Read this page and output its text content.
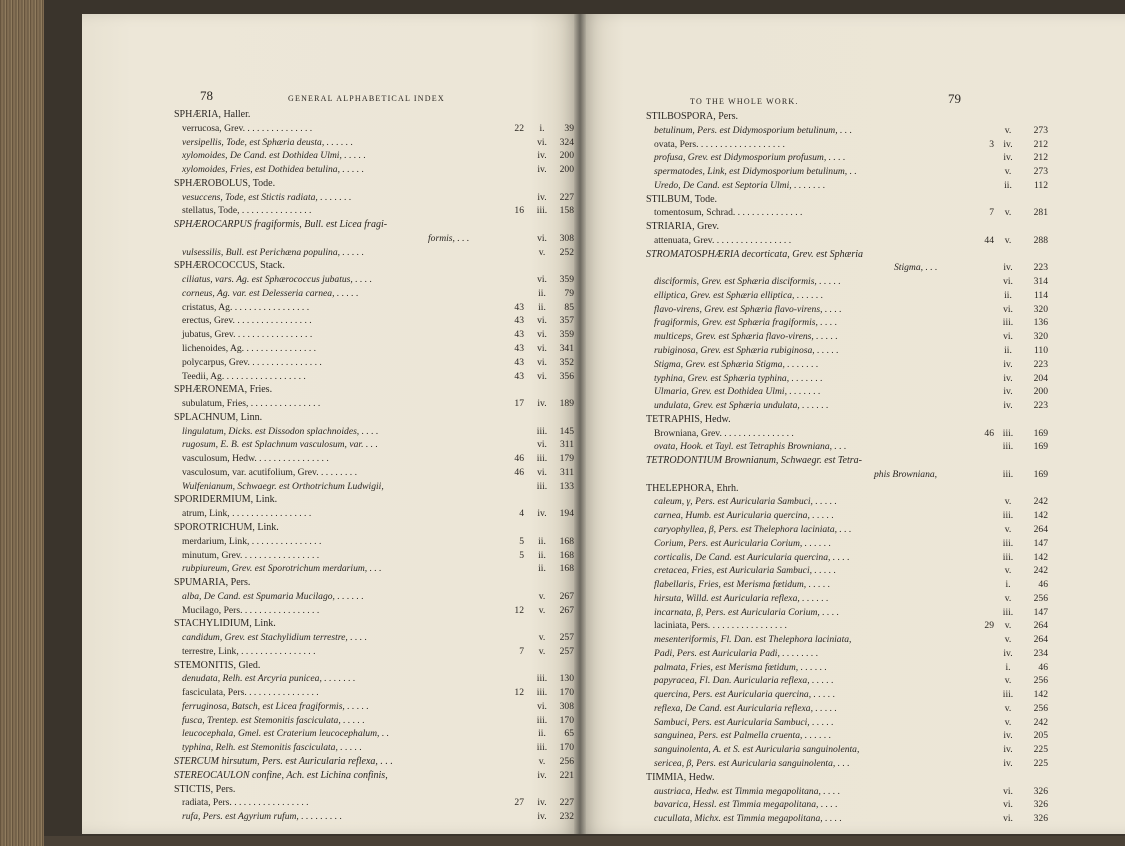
78	GENERAL ALPHABETICAL INDEX
SPHÆRIA, Haller.
verrucosa, Grev. . . . . . . . . . . . . . .	22	i.	39
versipellis, Tode, est Sphæria deusta, . . . . . .	vi.	324
xylomoides, De Cand. est Dothidea Ulmi, . . . . .	iv.	200
xylomoides, Fries, est Dothidea betulina, . . . . .	iv.	200
SPHÆROBOLUS, Tode.
vesuccens, Tode, est Stictis radiata, . . . . . . .	iv.	227
stellatus, Tode, . . . . . . . . . . . . . . .	16	iii.	158
SPHÆROCARPUS fragiformis, Bull. est Licea fragi-
formis, . . .	vi.	308
vulsessilis, Bull. est Perichæna populina, . . . . .	v.	252
SPHÆROCOCCUS, Stack.
ciliatus, vars. Ag. est Sphærococcus jubatus, . . . .	vi.	359
corneus, Ag. var. est Delesseria carnea, . . . . .	ii.	79
cristatus, Ag. . . . . . . . . . . . . . . . .	43	ii.	85
erectus, Grev. . . . . . . . . . . . . . . . .	43	vi.	357
jubatus, Grev. . . . . . . . . . . . . . . . .	43	vi.	359
lichenoides, Ag. . . . . . . . . . . . . . . .	43	vi.	341
polycarpus, Grev. . . . . . . . . . . . . . . .	43	vi.	352
Teedii, Ag. . . . . . . . . . . . . . . . . .	43	vi.	356
SPHÆRONEMA, Fries.
subulatum, Fries, . . . . . . . . . . . . . . .	17	iv.	189
SPLACHNUM, Linn.
lingulatum, Dicks. est Dissodon splachnoides, . . . .	iii.	145
rugosum, E. B. est Splachnum vasculosum, var. . . .	vi.	311
vasculosum, Hedw. . . . . . . . . . . . . . . .	46	iii.	179
vasculosum, var. acutifolium, Grev. . . . . . . . .	46	vi.	311
Wulfenianum, Schwaegr. est Orthotrichum Ludwigii,	iii.	133
SPORIDERMIUM, Link.
atrum, Link, . . . . . . . . . . . . . . . . .	4	iv.	194
SPOROTRICHUM, Link.
merdarium, Link, . . . . . . . . . . . . . . .	5	ii.	168
minutum, Grev. . . . . . . . . . . . . . . . .	5	ii.	168
rubpiureum, Grev. est Sporotrichum merdarium, . . .	ii.	168
SPUMARIA, Pers.
alba, De Cand. est Spumaria Mucilago, . . . . . .	v.	267
Mucilago, Pers. . . . . . . . . . . . . . . . .	12	v.	267
STACHYLIDIUM, Link.
candidum, Grev. est Stachylidium terrestre, . . . .	v.	257
terrestre, Link, . . . . . . . . . . . . . . . .	7	v.	257
STEMONITIS, Gled.
denudata, Relh. est Arcyria punicea, . . . . . . .	iii.	130
fasciculata, Pers. . . . . . . . . . . . . . . .	12	iii.	170
ferruginosa, Batsch, est Licea fragiformis, . . . . .	vi.	308
fusca, Trentep. est Stemonitis fasciculata, . . . . .	iii.	170
leucocephala, Gmel. est Craterium leucocephalum, . .	ii.	65
typhina, Relh. est Stemonitis fasciculata, . . . . .	iii.	170
STERCUM hirsutum, Pers. est Auricularia reflexa, . . .	v.	256
STEREOCAULON confine, Ach. est Lichina confinis,	iv.	221
STICTIS, Pers.
radiata, Pers. . . . . . . . . . . . . . . . .	27	iv.	227
rufa, Pers. est Agyrium rufum, . . . . . . . . .	iv.	232
TO THE WHOLE WORK.	79
STILBOSPORA, Pers.
betulinum, Pers. est Didymosporium betulinum, . . .	v.	273
ovata, Pers. . . . . . . . . . . . . . . . . . .	3 iv.	212
profusa, Grev. est Didymosporium profusum, . . . .	iv.	212
spermatodes, Link, est Didymosporium betulinum, . .	v.	273
Uredo, De Cand. est Septoria Ulmi, . . . . . . .	ii.	112
STILBUM, Tode.
tomentosum, Schrad. . . . . . . . . . . . . . .	7	v.	281
STRIARIA, Grev.
attenuata, Grev. . . . . . . . . . . . . . . . .	44	v.	288
STROMATOSPHÆRIA decorticata, Grev. est Sphæria
Stigma, . . .	iv.	223
disciformis, Grev. est Sphæria disciformis, . . . . .	vi.	314
elliptica, Grev. est Sphæria elliptica, . . . . . .	ii.	114
flavo-virens, Grev. est Sphæria flavo-virens, . . . .	vi.	320
fragiformis, Grev. est Sphæria fragiformis, . . . .	iii.	136
multiceps, Grev. est Sphæria flavo-virens, . . . . .	vi.	320
rubiginosa, Grev. est Sphæria rubiginosa, . . . . .	ii.	110
Stigma, Grev. est Sphæria Stigma, . . . . . . .	iv.	223
typhina, Grev. est Sphæria typhina, . . . . . . .	iv.	204
Ulmaria, Grev. est Dothidea Ulmi, . . . . . . .	iv.	200
undulata, Grev. est Sphæria undulata, . . . . . .	iv.	223
TETRAPHIS, Hedw.
Browniana, Grev. . . . . . . . . . . . . . . .	46 iii.	169
ovata, Hook. et Tayl. est Tetraphis Browniana, . . .	iii.	169
TETRODONTIUM Brownianum, Schwaegr. est Tetra-
phis Browniana,	iii.	169
THELEPHORA, Ehrh.
caleum, γ, Pers. est Auricularia Sambuci, . . . . .	v.	242
carnea, Humb. est Auricularia quercina, . . . . .	iii.	142
caryophyllea, β, Pers. est Thelephora laciniata, . . .	v.	264
Corium, Pers. est Auricularia Corium, . . . . . .	iii.	147
corticalis, De Cand. est Auricularia quercina, . . . .	iii.	142
cretacea, Fries, est Auricularia Sambuci, . . . . .	v.	242
flabellaris, Fries, est Merisma fœtidum, . . . . .	i.	46
hirsuta, Willd. est Auricularia reflexa, . . . . . .	v.	256
incarnata, β, Pers. est Auricularia Corium, . . . .	iii.	147
laciniata, Pers. . . . . . . . . . . . . . . . .	29	v.	264
mesenteriformis, Fl. Dan. est Thelephora laciniata,	v.	264
Padi, Pers. est Auricularia Padi, . . . . . . . .	iv.	234
palmata, Fries, est Merisma fœtidum, . . . . . .	i.	46
papyracea, Fl. Dan. Auricularia reflexa, . . . . .	v.	256
quercina, Pers. est Auricularia quercina, . . . . .	iii.	142
reflexa, De Cand. est Auricularia reflexa, . . . . .	v.	256
Sambuci, Pers. est Auricularia Sambuci, . . . . .	v.	242
sanguinea, Pers. est Palmella cruenta, . . . . . .	iv.	205
sanguinolenta, A. et S. est Auricularia sanguinolenta,	iv.	225
sericea, β, Pers. est Auricularia sanguinolenta, . . .	iv.	225
TIMMIA, Hedw.
austriaca, Hedw. est Timmia megapolitana, . . . .	vi.	326
bavarica, Hessl. est Timmia megapolitana, . . . .	vi.	326
cucullata, Michx. est Timmia megapolitana, . . . .	vi.	326
